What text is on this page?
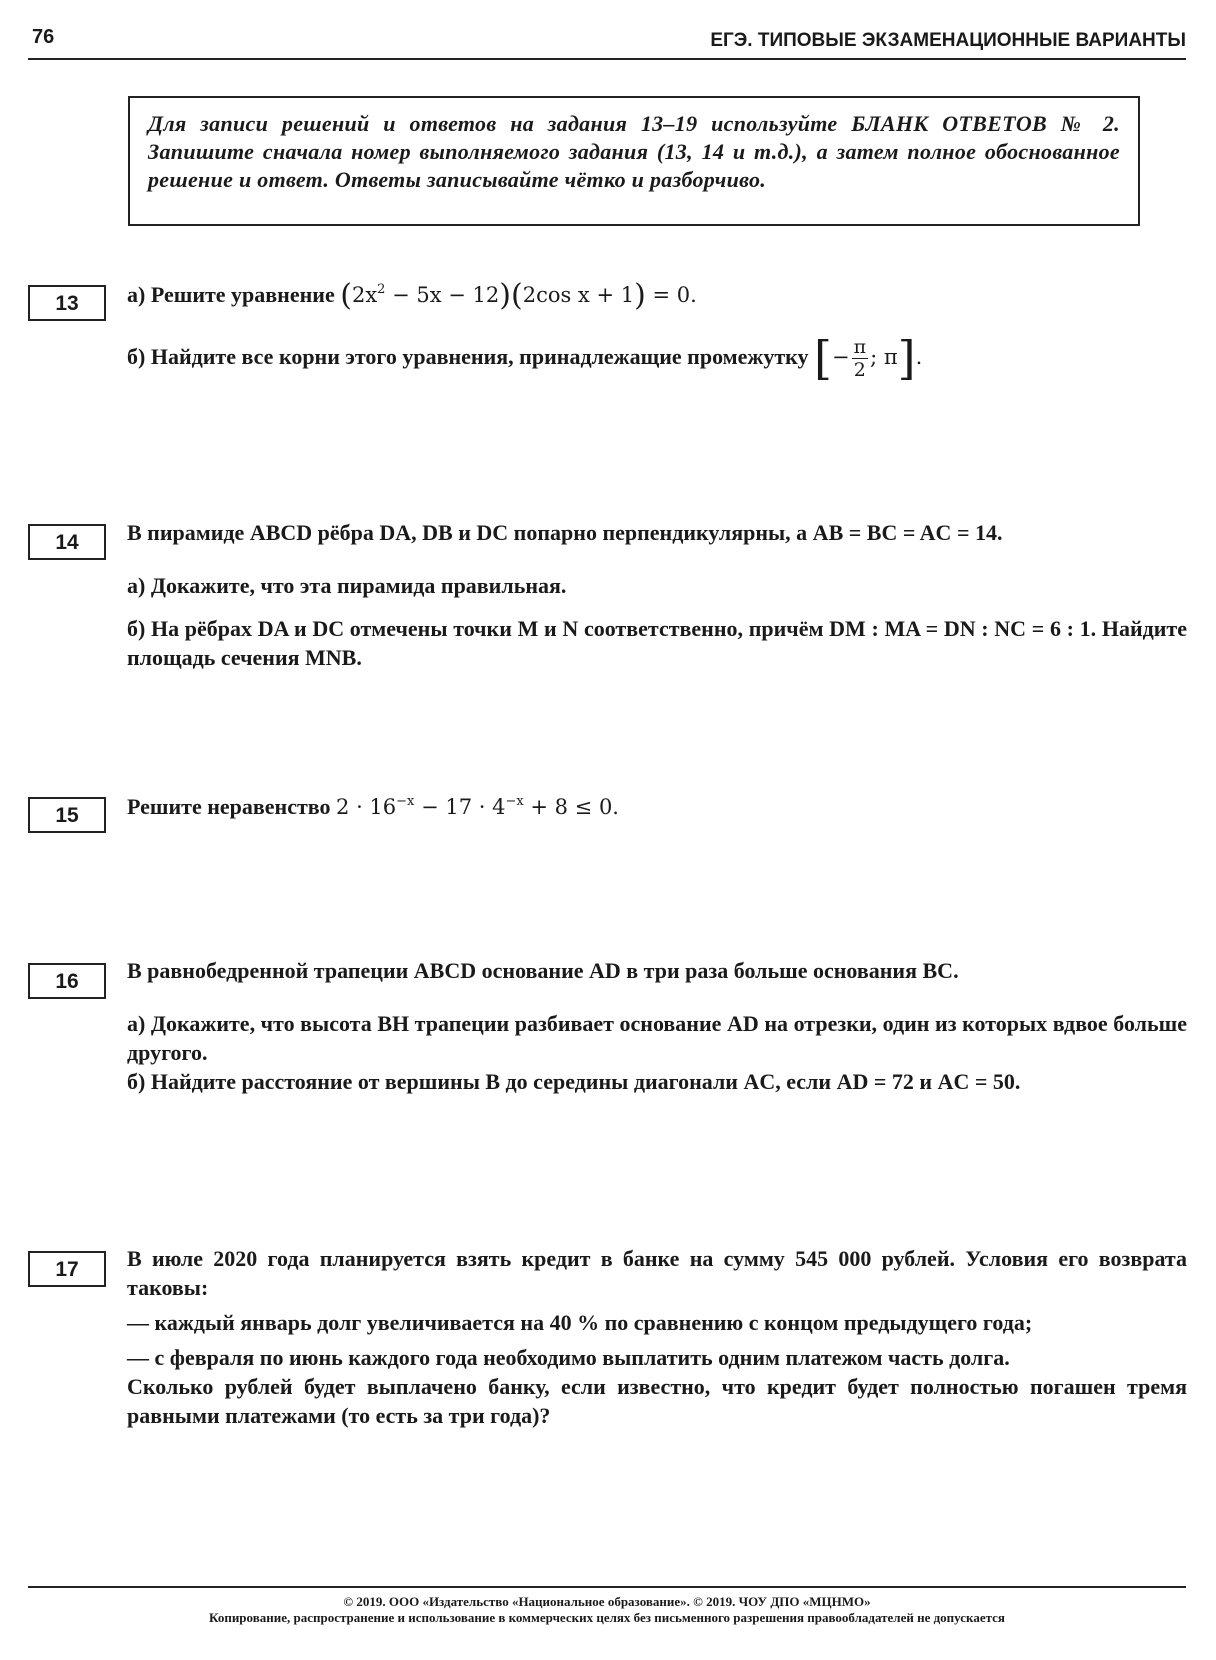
76	ЕГЭ. ТИПОВЫЕ ЭКЗАМЕНАЦИОННЫЕ ВАРИАНТЫ
Для записи решений и ответов на задания 13–19 используйте БЛАНК ОТВЕТОВ № 2. Запишите сначала номер выполняемого задания (13, 14 и т.д.), а затем полное обоснованное решение и ответ. Ответы записывайте чётко и разборчиво.
13	а) Решите уравнение $(2x^2 - 5x - 12)(2\cos$ x + 1) = 0.

б) Найдите все корни этого уравнения, принадлежащие промежутку [− $\frac{\pi}{2}$ ; π].

14	В пирамиде ABCD рёбра DA, DB и DC попарно перпендикулярны, а AB = BC = AC = 14.

а) Докажите, что эта пирамида правильная.

б) На рёбрах DA и DC отмечены точки M и N соответственно, причём DM : MA = DN : NC = 6 : 1. Найдите площадь сечения MNB.

15	Решите неравенство $2 \cdot 16^{-x} - 17 \cdot 4^{-x} + 8 \le 0$.

16	В равнобедренной трапеции ABCD основание AD в три раза больше основания BC.

а) Докажите, что высота BH трапеции разбивает основание AD на отрезки, один из которых вдвое больше другого.

б) Найдите расстояние от вершины B до середины диагонали AC, если AD = 72 и AC = 50.

17	В июле 2020 года планируется взять кредит в банке на сумму 545 000 рублей. Условия его возврата таковы:

— каждый январь долг увеличивается на 40 % по сравнению с концом предыдущего года;

— с февраля по июнь каждого года необходимо выплатить одним платежом часть долга.

Сколько рублей будет выплачено банку, если известно, что кредит будет полностью погашен тремя равными платежами (то есть за три года)?

© 2019. ООО «Издательство «Национальное образование». © 2019. ЧОУ ДПО «МЦНМО»
Копирование, распространение и использование в коммерческих целях без письменного разрешения правообладателей не допускается
